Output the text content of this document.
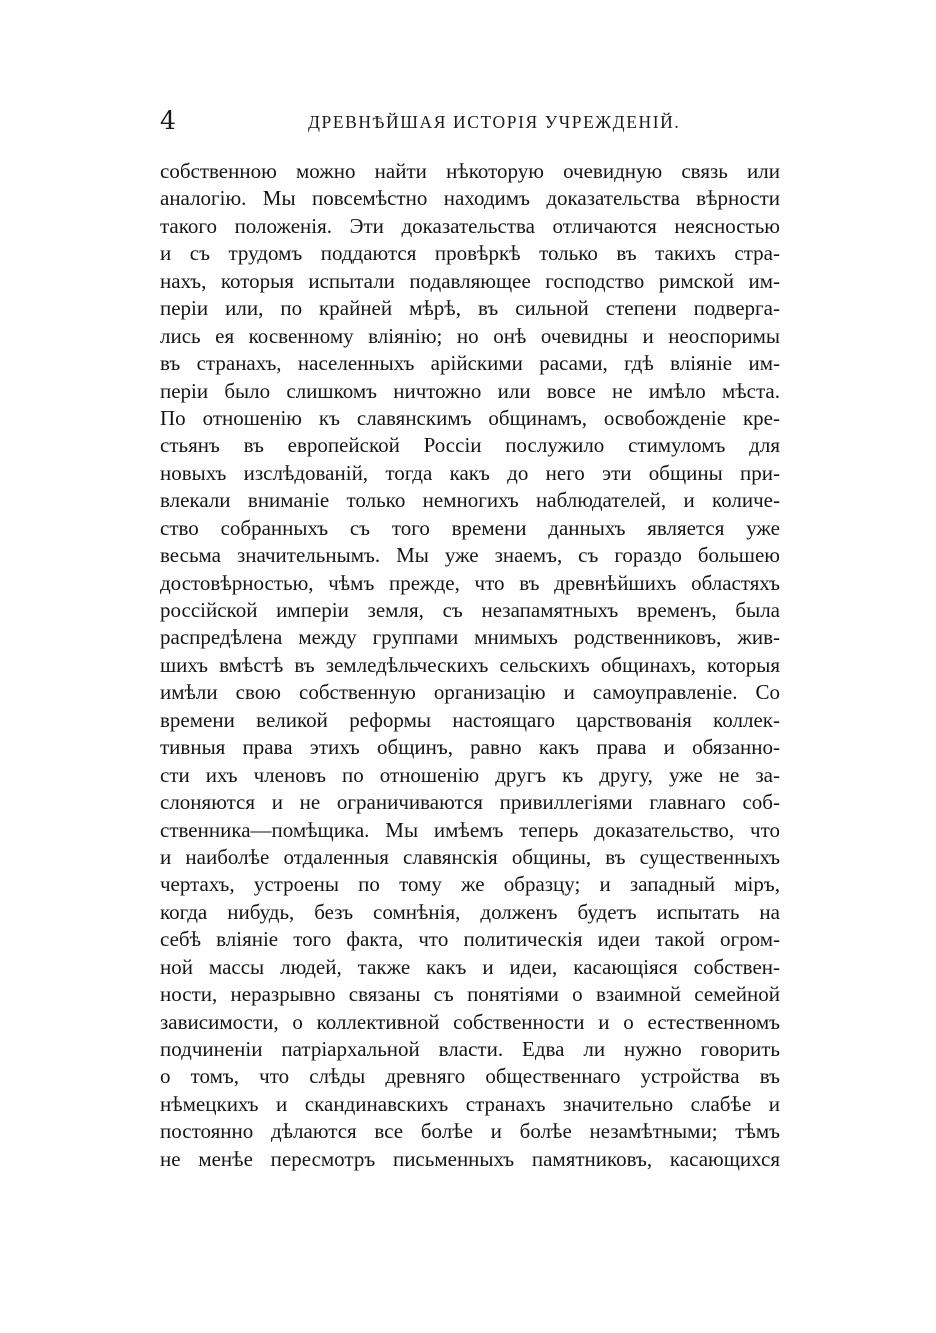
4	ДРЕВНѢЙШАЯ ИСТОРІЯ УЧРЕЖДЕНІЙ.
собственною можно найти нѣкоторую очевидную связь или
аналогію. Мы повсемѣстно находимъ доказательства вѣрности
такого положенія. Эти доказательства отличаются неясностью
и съ трудомъ поддаются провѣркѣ только въ такихъ стра-
нахъ, которыя испытали подавляющее господство римской им-
періи или, по крайней мѣрѣ, въ сильной степени подверга-
лись ея косвенному вліянію; но онѣ очевидны и неоспоримы
въ странахъ, населенныхъ арійскими расами, гдѣ вліяніе им-
періи было слишкомъ ничтожно или вовсе не имѣло мѣста.
По отношенію къ славянскимъ общинамъ, освобожденіе кре-
стьянъ въ европейской Россіи послужило стимуломъ для
новыхъ изслѣдованій, тогда какъ до него эти общины при-
влекали вниманіе только немногихъ наблюдателей, и количе-
ство собранныхъ съ того времени данныхъ является уже
весьма значительнымъ. Мы уже знаемъ, съ гораздо большею
достовѣрностью, чѣмъ прежде, что въ древнѣйшихъ областяхъ
россійской имперіи земля, съ незапамятныхъ временъ, была
распредѣлена между группами мнимыхъ родственниковъ, жив-
шихъ вмѣстѣ въ земледѣльческихъ сельскихъ общинахъ, которыя
имѣли свою собственную организацію и самоуправленіе. Со
времени великой реформы настоящаго царствованія коллек-
тивныя права этихъ общинъ, равно какъ права и обязанно-
сти ихъ членовъ по отношенію другъ къ другу, уже не за-
слоняются и не ограничиваются привиллегіями главнаго соб-
ственника—помѣщика. Мы имѣемъ теперь доказательство, что
и наиболѣе отдаленныя славянскія общины, въ существенныхъ
чертахъ, устроены по тому же образцу; и западный міръ,
когда нибудь, безъ сомнѣнія, долженъ будетъ испытать на
себѣ вліяніе того факта, что политическія идеи такой огром-
ной массы людей, также какъ и идеи, касающіяся собствен-
ности, неразрывно связаны съ понятіями о взаимной семейной
зависимости, о коллективной собственности и о естественномъ
подчиненіи патріархальной власти. Едва ли нужно говорить
о томъ, что слѣды древняго общественнаго устройства въ
нѣмецкихъ и скандинавскихъ странахъ значительно слабѣе и
постоянно дѣлаются все болѣе и болѣе незамѣтными; тѣмъ
не менѣе пересмотръ письменныхъ памятниковъ, касающихся
